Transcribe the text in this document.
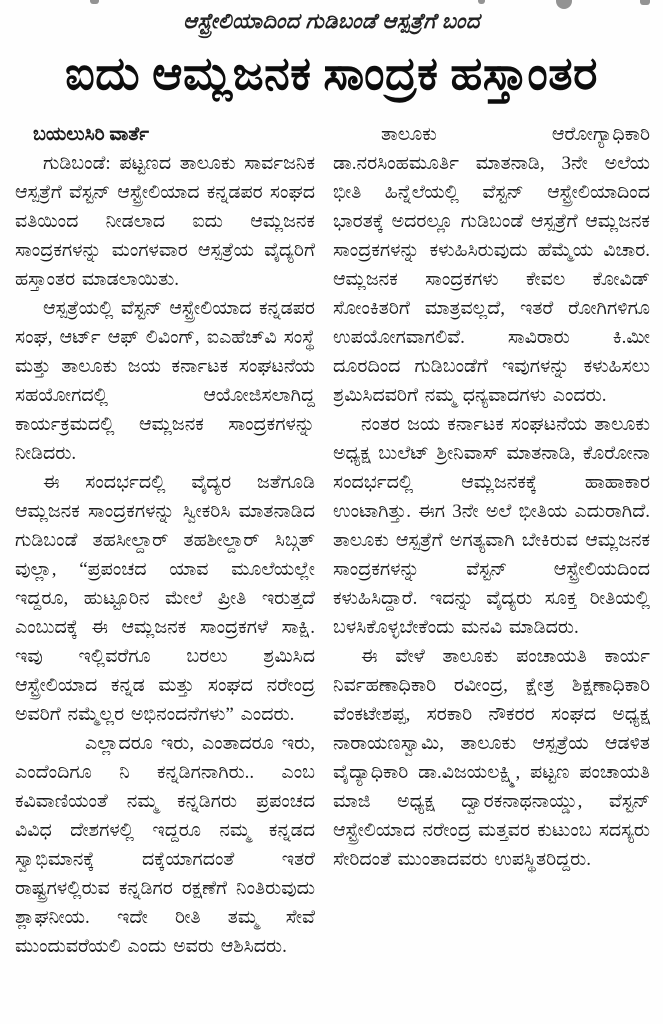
ಆಸ್ಟ್ರೇಲಿಯಾದಿಂದ ಗುಡಿಬಂಡೆ ಆಸ್ಪತ್ರೆಗೆ ಬಂದ
ಐದು ಆಮ್ಲಜನಕ ಸಾಂದ್ರಕ ಹಸ್ತಾಂತರ
ಬಯಲುಸಿರಿ ವಾರ್ತೆ

ಗುಡಿಬಂಡೆ: ಪಟ್ಟಣದ ತಾಲೂಕು ಸಾರ್ವಜನಿಕ ಆಸ್ಪತ್ರೆಗೆ ವೆಸ್ಟನ್ ಆಸ್ಟ್ರೇಲಿಯಾದ ಕನ್ನಡಪರ ಸಂಘದ ವತಿಯಿಂದ ನೀಡಲಾದ ಐದು ಆಮ್ಲಜನಕ ಸಾಂದ್ರಕಗಳನ್ನು ಮಂಗಳವಾರ ಆಸ್ಪತ್ರೆಯ ವೈದ್ಯರಿಗೆ ಹಸ್ತಾಂತರ ಮಾಡಲಾಯಿತು.

ಆಸ್ಪತ್ರೆಯಲ್ಲಿ ವೆಸ್ಟನ್ ಆಸ್ಟ್ರೇಲಿಯಾದ ಕನ್ನಡಪರ ಸಂಘ, ಆರ್ಟ್ ಆಫ್ ಲಿವಿಂಗ್, ಐಎಹೆಚ್‌ವಿ ಸಂಸ್ಥೆ ಮತ್ತು ತಾಲೂಕು ಜಯ ಕರ್ನಾಟಕ ಸಂಘಟನೆಯ ಸಹಯೋಗದಲ್ಲಿ ಆಯೋಜಿಸಲಾಗಿದ್ದ ಕಾರ್ಯಕ್ರಮದಲ್ಲಿ ಆಮ್ಲಜನಕ ಸಾಂದ್ರಕಗಳನ್ನು ನೀಡಿದರು.

ಈ ಸಂದರ್ಭದಲ್ಲಿ ವೈದ್ಯರ ಜತೆಗೂಡಿ ಆಮ್ಲಜನಕ ಸಾಂದ್ರಕಗಳನ್ನು ಸ್ವೀಕರಿಸಿ ಮಾತನಾಡಿದ ಗುಡಿಬಂಡೆ ತಹಸೀಲ್ದಾರ್ ತಹಶೀಲ್ದಾರ್ ಸಿಬ್ಗತ್ ವುಲ್ಲಾ, “ಪ್ರಪಂಚದ ಯಾವ ಮೂಲೆಯಲ್ಲೇ ಇದ್ದರೂ, ಹುಟ್ಟೂರಿನ ಮೇಲೆ ಪ್ರೀತಿ ಇರುತ್ತದೆ ಎಂಬುದಕ್ಕೆ ಈ ಆಮ್ಲಜನಕ ಸಾಂದ್ರಕಗಳೆ ಸಾಕ್ಷಿ. ಇವು ಇಲ್ಲಿವರೆಗೂ ಬರಲು ಶ್ರಮಿಸಿದ ಆಸ್ಟ್ರೇಲಿಯಾದ ಕನ್ನಡ ಮತ್ತು ಸಂಘದ ನರೇಂದ್ರ ಅವರಿಗೆ ನಮ್ಮೆಲ್ಲರ ಅಭಿನಂದನೆಗಳು” ಎಂದರು.

ಎಲ್ಲಾದರೂ ಇರು, ಎಂತಾದರೂ ಇರು, ಎಂದೆಂದಿಗೂ ನಿ ಕನ್ನಡಿಗನಾಗಿರು.. ಎಂಬ ಕವಿವಾಣಿಯಂತೆ ನಮ್ಮ ಕನ್ನಡಿಗರು ಪ್ರಪಂಚದ ವಿವಿಧ ದೇಶಗಳಲ್ಲಿ ಇದ್ದರೂ ನಮ್ಮ ಕನ್ನಡದ ಸ್ವಾಭಿಮಾನಕ್ಕೆ ದಕ್ಕೆಯಾಗದಂತೆ ಇತರೆ ರಾಷ್ಟ್ರಗಳಲ್ಲಿರುವ ಕನ್ನಡಿಗರ ರಕ್ಷಣೆಗೆ ನಿಂತಿರುವುದು ಶ್ಲಾಘನೀಯ. ಇದೇ ರೀತಿ ತಮ್ಮ ಸೇವೆ ಮುಂದುವರೆಯಲಿ ಎಂದು ಅವರು ಆಶಿಸಿದರು.

ತಾಲೂಕು ಆರೋಗ್ಯಾಧಿಕಾರಿ ಡಾ.ನರಸಿಂಹಮೂರ್ತಿ ಮಾತನಾಡಿ, 3ನೇ ಅಲೆಯ ಭೀತಿ ಹಿನ್ನೆಲೆಯಲ್ಲಿ ವೆಸ್ಟನ್ ಆಸ್ಟ್ರೇಲಿಯಾದಿಂದ ಭಾರತಕ್ಕೆ ಅದರಲ್ಲೂ ಗುಡಿಬಂಡೆ ಆಸ್ಪತ್ರೆಗೆ ಆಮ್ಲಜನಕ ಸಾಂದ್ರಕಗಳನ್ನು ಕಳುಹಿಸಿರುವುದು ಹೆಮ್ಮೆಯ ವಿಚಾರ. ಆಮ್ಲಜನಕ ಸಾಂದ್ರಕಗಳು ಕೇವಲ ಕೋವಿಡ್ ಸೋಂಕಿತರಿಗೆ ಮಾತ್ರವಲ್ಲದೆ, ಇತರೆ ರೋಗಿಗಳಿಗೂ ಉಪಯೋಗವಾಗಲಿವೆ. ಸಾವಿರಾರು ಕಿ.ಮೀ ದೂರದಿಂದ ಗುಡಿಬಂಡೆಗೆ ಇವುಗಳನ್ನು ಕಳುಹಿಸಲು ಶ್ರಮಿಸಿದವರಿಗೆ ನಮ್ಮ ಧನ್ಯವಾದಗಳು ಎಂದರು.

ನಂತರ ಜಯ ಕರ್ನಾಟಕ ಸಂಘಟನೆಯ ತಾಲೂಕು ಅಧ್ಯಕ್ಷ ಬುಲೆಟ್ ಶ್ರೀನಿವಾಸ್ ಮಾತನಾಡಿ, ಕೊರೋನಾ ಸಂದರ್ಭದಲ್ಲಿ ಆಮ್ಲಜನಕಕ್ಕೆ ಹಾಹಾಕಾರ ಉಂಟಾಗಿತ್ತು. ಈಗ 3ನೇ ಅಲೆ ಭೀತಿಯ ಎದುರಾಗಿದೆ. ತಾಲೂಕು ಆಸ್ಪತ್ರೆಗೆ ಅಗತ್ಯವಾಗಿ ಬೇಕಿರುವ ಆಮ್ಲಜನಕ ಸಾಂದ್ರಕಗಳನ್ನು ವೆಸ್ಟನ್ ಆಸ್ಟ್ರೇಲಿಯದಿಂದ ಕಳುಹಿಸಿದ್ದಾರೆ. ಇದನ್ನು ವೈದ್ಯರು ಸೂಕ್ತ ರೀತಿಯಲ್ಲಿ ಬಳಸಿಕೊಳ್ಳಬೇಕೆಂದು ಮನವಿ ಮಾಡಿದರು.

ಈ ವೇಳೆ ತಾಲೂಕು ಪಂಚಾಯತಿ ಕಾರ್ಯ ನಿರ್ವಹಣಾಧಿಕಾರಿ ರವೀಂದ್ರ, ಕ್ಷೇತ್ರ ಶಿಕ್ಷಣಾಧಿಕಾರಿ ವೆಂಕಟೇಶಪ್ಪ, ಸರಕಾರಿ ನೌಕರರ ಸಂಘದ ಅಧ್ಯಕ್ಷ ನಾರಾಯಣಸ್ವಾಮಿ, ತಾಲೂಕು ಆಸ್ಪತ್ರೆಯ ಆಡಳಿತ ವೈದ್ಯಾಧಿಕಾರಿ ಡಾ.ವಿಜಯಲಕ್ಷ್ಮಿ, ಪಟ್ಟಣ ಪಂಚಾಯತಿ ಮಾಜಿ ಅಧ್ಯಕ್ಷ ದ್ವಾರಕನಾಥನಾಯ್ಡು, ವೆಸ್ಟನ್ ಆಸ್ಟ್ರೇಲಿಯಾದ ನರೇಂದ್ರ ಮತ್ತವರ ಕುಟುಂಬ ಸದಸ್ಯರು ಸೇರಿದಂತೆ ಮುಂತಾದವರು ಉಪಸ್ಥಿತರಿದ್ದರು.
